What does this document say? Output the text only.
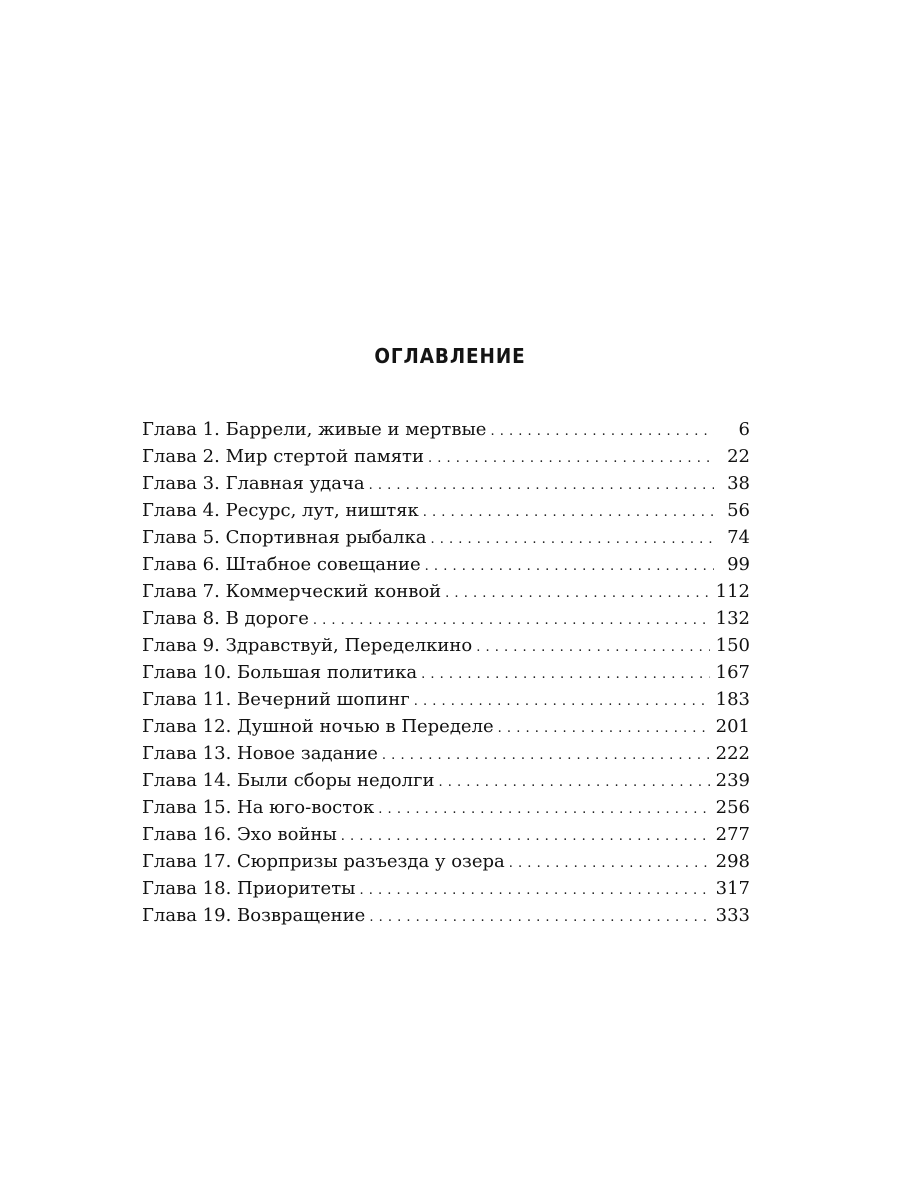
ОГЛАВЛЕНИЕ
Глава 1. Баррели, живые и мертвые . . .	6
Глава 2. Мир стертой памяти . . .	22
Глава 3. Главная удача . . .	38
Глава 4. Ресурс, лут, ништяк . . .	56
Глава 5. Спортивная рыбалка . . .	74
Глава 6. Штабное совещание . . .	99
Глава 7. Коммерческий конвой . . .	112
Глава 8. В дороге . . .	132
Глава 9. Здравствуй, Переделкино . . .	150
Глава 10. Большая политика . . .	167
Глава 11. Вечерний шопинг . . .	183
Глава 12. Душной ночью в Переделе . . .	201
Глава 13. Новое задание . . .	222
Глава 14. Были сборы недолги . . .	239
Глава 15. На юго-восток . . .	256
Глава 16. Эхо войны . . .	277
Глава 17. Сюрпризы разъезда у озера . . .	298
Глава 18. Приоритеты . . .	317
Глава 19. Возвращение . . .	333
